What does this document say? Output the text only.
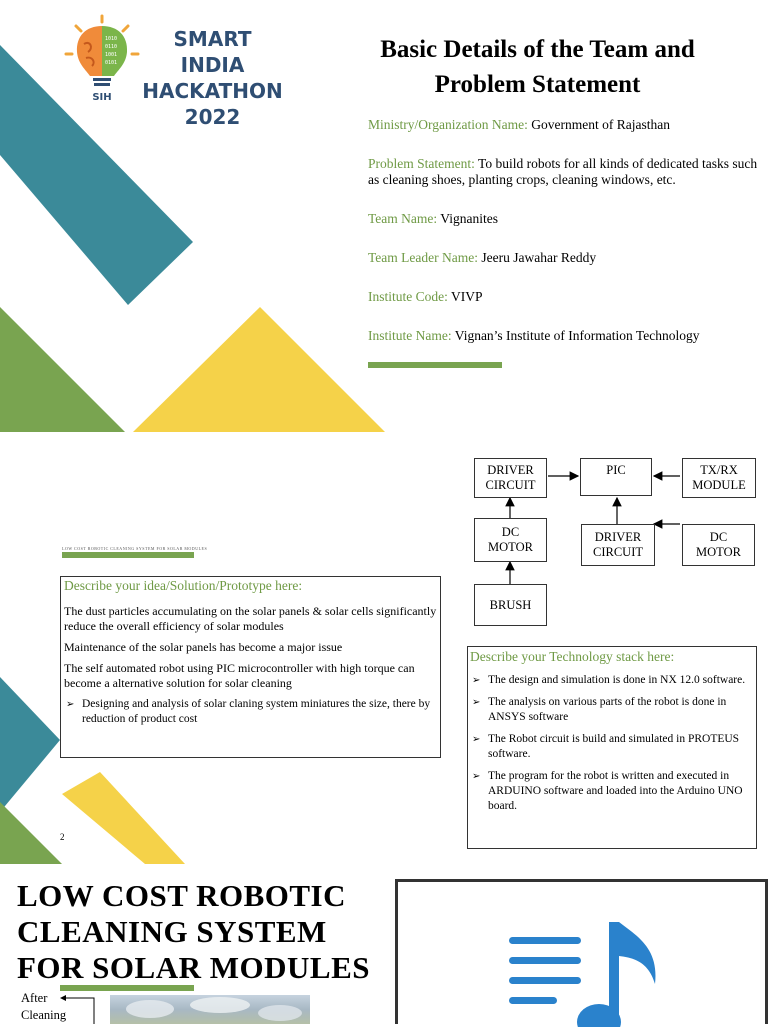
1010
0110
1001
0101
SIH
SMART INDIA
HACKATHON
2022
Basic Details of the Team and
Problem Statement
Ministry/Organization Name: Government of Rajasthan
Problem Statement: To build robots for all kinds of dedicated tasks such as cleaning shoes, planting crops, cleaning windows, etc.
Team Name: Vignanites
Team Leader Name: Jeeru Jawahar Reddy
Institute Code: VIVP
Institute Name: Vignan’s Institute of Information Technology
LOW COST ROBOTIC CLEANING SYSTEM FOR SOLAR MODULES
Describe your idea/Solution/Prototype here:

The dust particles accumulating on the solar panels & solar cells significantly reduce the overall efficiency of solar modules

Maintenance of the solar panels has become a major issue

The self automated robot using PIC microcontroller with high torque can become a alternative solution for solar cleaning

➢ Designing and analysis of solar claning system miniatures the size, there by reduction of product cost
DRIVER
CIRCUIT
PIC	TX/RX
MODULE
DC
MOTOR
DRIVER
CIRCUIT
DC
MOTOR
BRUSH
Describe your Technology stack here:
➢ The design and simulation is done in NX 12.0 software.
➢ The analysis on various parts of the robot is done in ANSYS software
➢ The Robot circuit is build and simulated in PROTEUS software.
➢ The program for the robot is written and executed in ARDUINO software and loaded into the Arduino UNO board.
2
LOW COST ROBOTIC
CLEANING SYSTEM
FOR SOLAR MODULES
After
Cleaning
